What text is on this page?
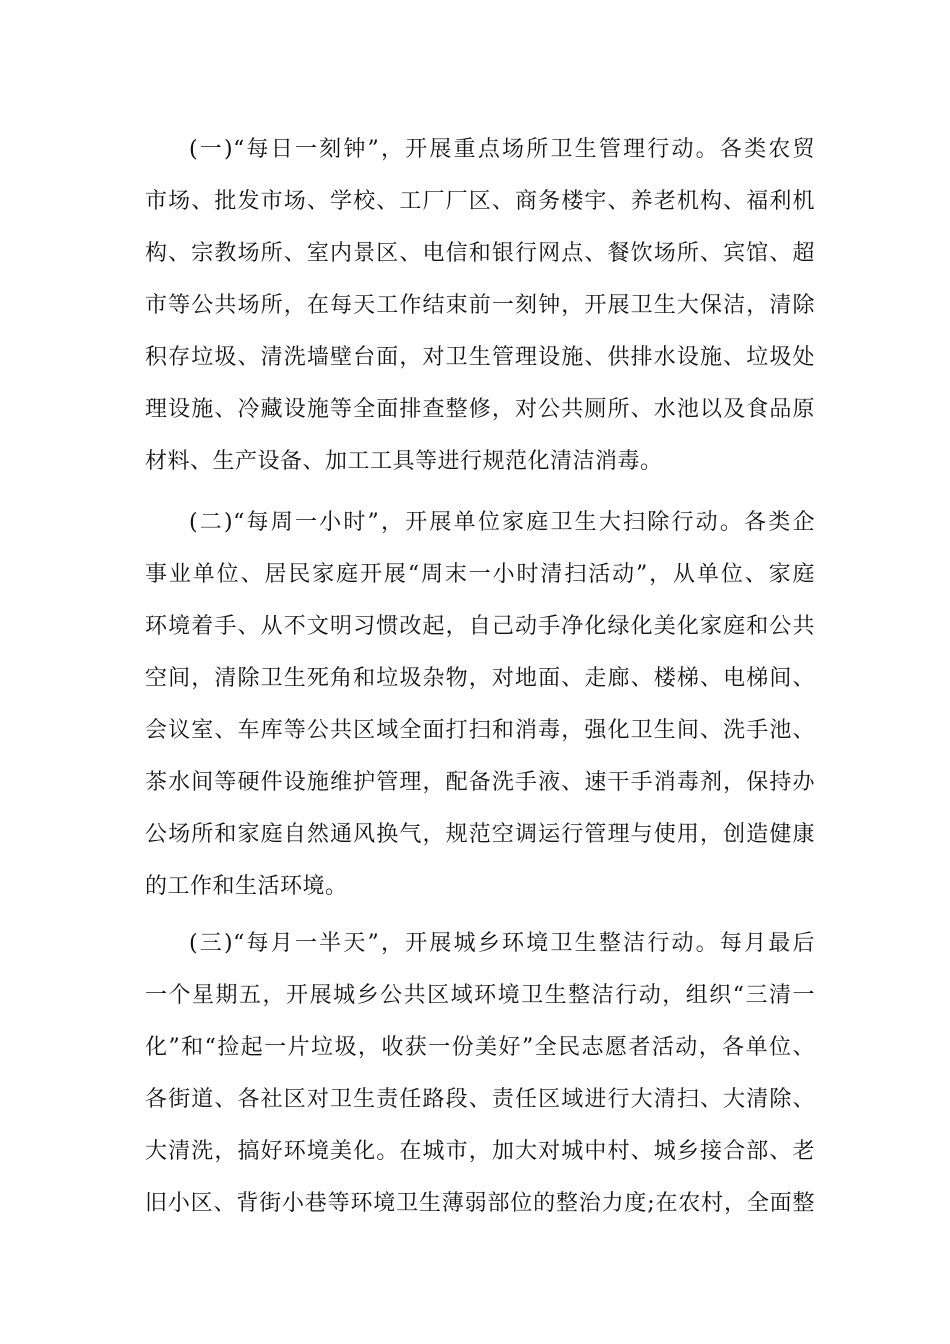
(一)“每日一刻钟”，开展重点场所卫生管理行动。各类农贸
市场、批发市场、学校、工厂厂区、商务楼宇、养老机构、福利机
构、宗教场所、室内景区、电信和银行网点、餐饮场所、宾馆、超
市等公共场所，在每天工作结束前一刻钟，开展卫生大保洁，清除
积存垃圾、清洗墙壁台面，对卫生管理设施、供排水设施、垃圾处
理设施、冷藏设施等全面排查整修，对公共厕所、水池以及食品原
材料、生产设备、加工工具等进行规范化清洁消毒。
(二)“每周一小时”，开展单位家庭卫生大扫除行动。各类企
事业单位、居民家庭开展“周末一小时清扫活动”，从单位、家庭
环境着手、从不文明习惯改起，自己动手净化绿化美化家庭和公共
空间，清除卫生死角和垃圾杂物，对地面、走廊、楼梯、电梯间、
会议室、车库等公共区域全面打扫和消毒，强化卫生间、洗手池、
茶水间等硬件设施维护管理，配备洗手液、速干手消毒剂，保持办
公场所和家庭自然通风换气，规范空调运行管理与使用，创造健康
的工作和生活环境。
(三)“每月一半天”，开展城乡环境卫生整洁行动。每月最后
一个星期五，开展城乡公共区域环境卫生整洁行动，组织“三清一
化”和“捡起一片垃圾，收获一份美好”全民志愿者活动，各单位、
各街道、各社区对卫生责任路段、责任区域进行大清扫、大清除、
大清洗，搞好环境美化。在城市，加大对城中村、城乡接合部、老
旧小区、背街小巷等环境卫生薄弱部位的整治力度;在农村，全面整
